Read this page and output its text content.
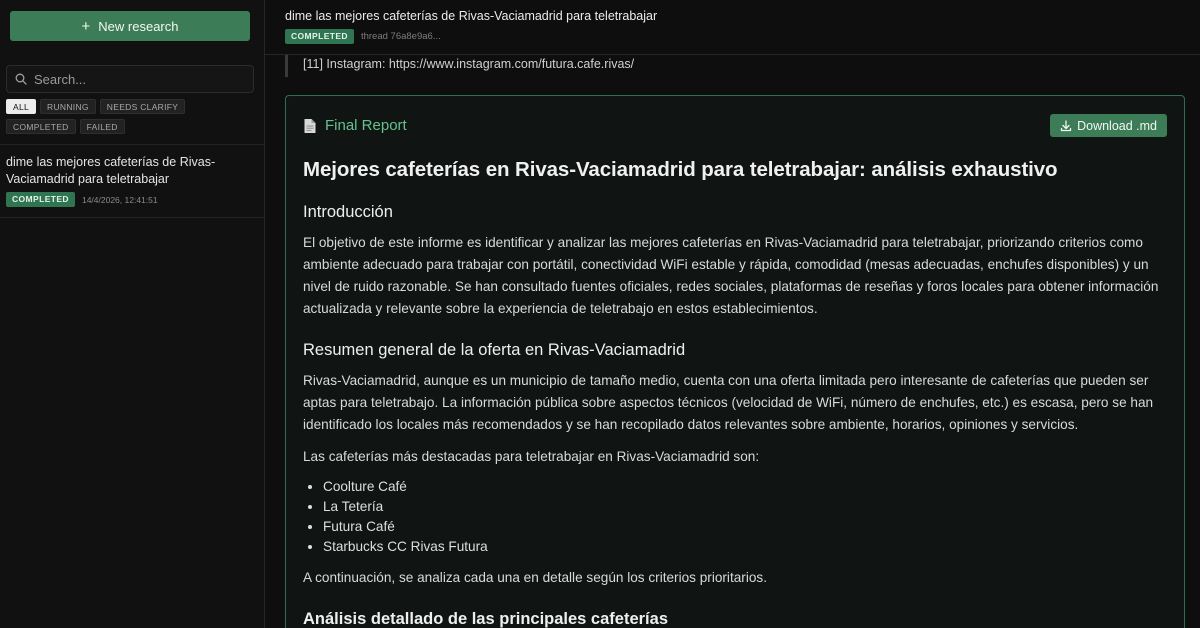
+ New research
Search...
ALL	RUNNING	NEEDS CLARIFY
COMPLETED	FAILED
dime las mejores cafeterías de Rivas-Vaciamadrid para teletrabajar
COMPLETED	14/4/2026, 12:41:51
dime las mejores cafeterías de Rivas-Vaciamadrid para teletrabajar
COMPLETED	thread 76a8e9a6...
[11] Instagram: https://www.instagram.com/futura.cafe.rivas/
Final Report	Download .md
Mejores cafeterías en Rivas-Vaciamadrid para teletrabajar: análisis exhaustivo
Introducción

El objetivo de este informe es identificar y analizar las mejores cafeterías en Rivas-Vaciamadrid para teletrabajar, priorizando criterios como ambiente adecuado para trabajar con portátil, conectividad WiFi estable y rápida, comodidad (mesas adecuadas, enchufes disponibles) y un nivel de ruido razonable. Se han consultado fuentes oficiales, redes sociales, plataformas de reseñas y foros locales para obtener información actualizada y relevante sobre la experiencia de teletrabajo en estos establecimientos.

Resumen general de la oferta en Rivas-Vaciamadrid

Rivas-Vaciamadrid, aunque es un municipio de tamaño medio, cuenta con una oferta limitada pero interesante de cafeterías que pueden ser aptas para teletrabajo. La información pública sobre aspectos técnicos (velocidad de WiFi, número de enchufes, etc.) es escasa, pero se han identificado los locales más recomendados y se han recopilado datos relevantes sobre ambiente, horarios, opiniones y servicios.

Las cafeterías más destacadas para teletrabajar en Rivas-Vaciamadrid son:

• Coolture Café
• La Tetería
• Futura Café
• Starbucks CC Rivas Futura

A continuación, se analiza cada una en detalle según los criterios prioritarios.

Análisis detallado de las principales cafeterías
